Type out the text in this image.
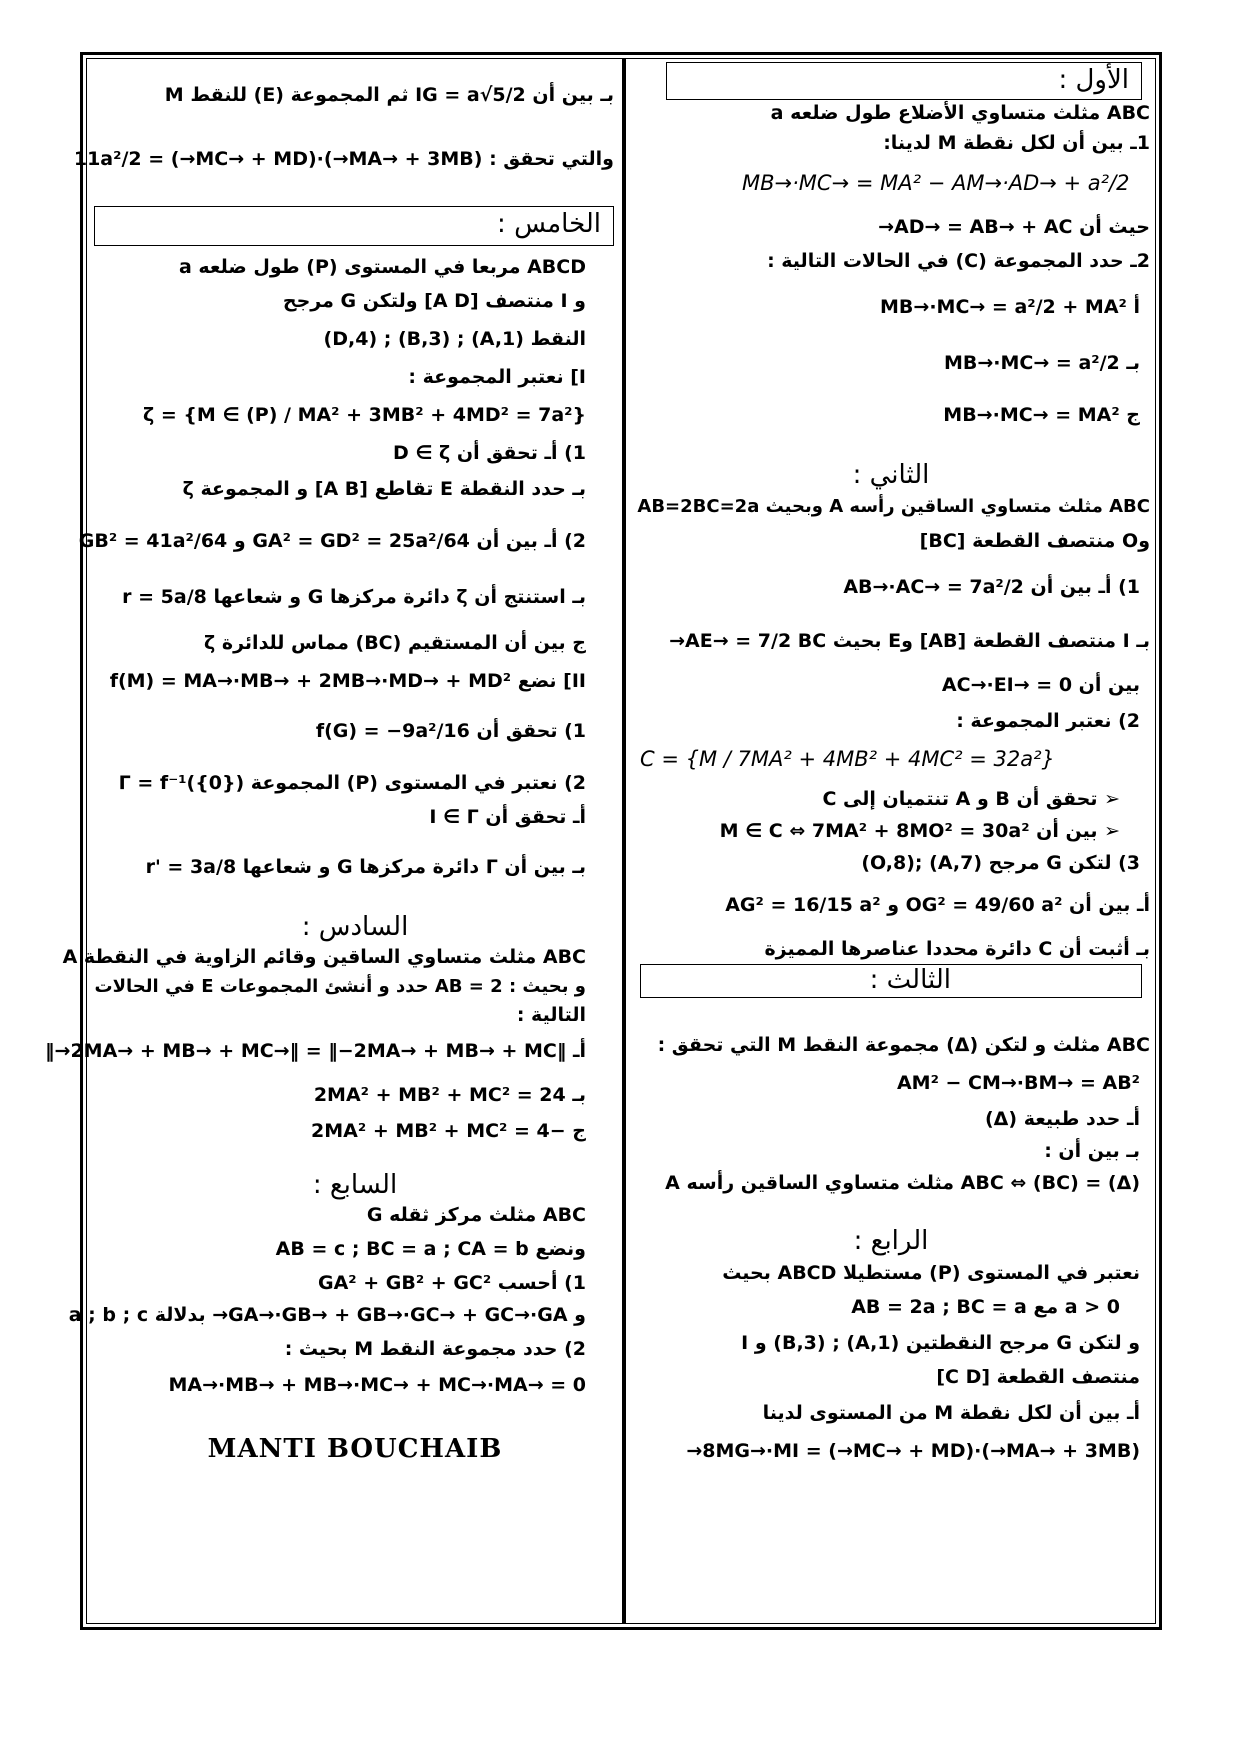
الأول :
ABC مثلث متساوي الأضلاع طول ضلعه a
1ـ بين أن لكل نقطة M لدينا:
MB→·MC→ = MA² − AM→·AD→ + a²/2
حيث أن AD→ = AB→ + AC→
2ـ حدد المجموعة (C) في الحالات التالية :
أ MB→·MC→ = a²/2 + MA²
بـ MB→·MC→ = a²/2
ج MB→·MC→ = MA²
الثاني :
ABC مثلث متساوي الساقين رأسه A وبحيث AB=2BC=2a
وO منتصف القطعة [BC]
1) أـ بين أن AB→·AC→ = 7a²/2
بـ I منتصف القطعة [AB] وE بحيث AE→ = 7/2 BC→
بين أن AC→·EI→ = 0
2) نعتبر المجموعة :
C = {M / 7MA² + 4MB² + 4MC² = 32a²}
➢ تحقق أن B و A تنتميان إلى C
➢ بين أن M ∈ C ⇔ 7MA² + 8MO² = 30a²
3) لتكن G مرجح (A,7) ;(O,8)
أـ بين أن OG² = 49/60 a² و AG² = 16/15 a²
بـ أثبت أن C دائرة محددا عناصرها المميزة
الثالث :
ABC مثلث و لتكن (Δ) مجموعة النقط M التي تحقق :
AM² − CM→·BM→ = AB²
أـ حدد طبيعة (Δ)
بـ بين أن :
(Δ) = (BC) ⇔ ABC مثلث متساوي الساقين رأسه A
الرابع :
نعتبر في المستوى (P) مستطيلا ABCD بحيث
a > 0 مع AB = 2a ; BC = a
و لتكن G مرجح النقطتين (A,1) ; (B,3) و I
منتصف القطعة [C D]
أـ بين أن لكل نقطة M من المستوى لدينا
(MA→ + 3MB→)·(MC→ + MD→) = 8MG→·MI→
بـ بين أن IG = a√5/2 ثم المجموعة (E) للنقط M
والتي تحقق : (MA→ + 3MB→)·(MC→ + MD→) = 11a²/2
الخامس :
ABCD مربعا في المستوى (P) طول ضلعه a
و I منتصف [A D] ولتكن G مرجح
النقط (A,1) ; (B,3) ; (D,4)
I] نعتبر المجموعة :
ζ = {M ∈ (P) / MA² + 3MB² + 4MD² = 7a²}
1) أـ تحقق أن D ∈ ζ
بـ حدد النقطة E تقاطع [A B] و المجموعة ζ
2) أـ بين أن GA² = GD² = 25a²/64 و GB² = 41a²/64
بـ استنتج أن ζ دائرة مركزها G و شعاعها r = 5a/8
ج بين أن المستقيم (BC) مماس للدائرة ζ
II] نضع f(M) = MA→·MB→ + 2MB→·MD→ + MD²
1) تحقق أن f(G) = −9a²/16
2) نعتبر في المستوى (P) المجموعة Γ = f⁻¹({0})
أـ تحقق أن I ∈ Γ
بـ بين أن Γ دائرة مركزها G و شعاعها r' = 3a/8
السادس :
ABC مثلث متساوي الساقين وقائم الزاوية في النقطة A
و بحيث : AB = 2 حدد و أنشئ المجموعات E في الحالات
التالية :
أـ ‖2MA→ + MB→ + MC→‖ = ‖−2MA→ + MB→ + MC→‖
بـ 2MA² + MB² + MC² = 24
ج −2MA² + MB² + MC² = 4
السابع :
ABC مثلث مركز ثقله G
ونضع AB = c ; BC = a ; CA = b
1) أحسب GA² + GB² + GC²
و GA→·GB→ + GB→·GC→ + GC→·GA→ بدلالة a ; b ; c
2) حدد مجموعة النقط M بحيث :
MA→·MB→ + MB→·MC→ + MC→·MA→ = 0
MANTI BOUCHAIB
